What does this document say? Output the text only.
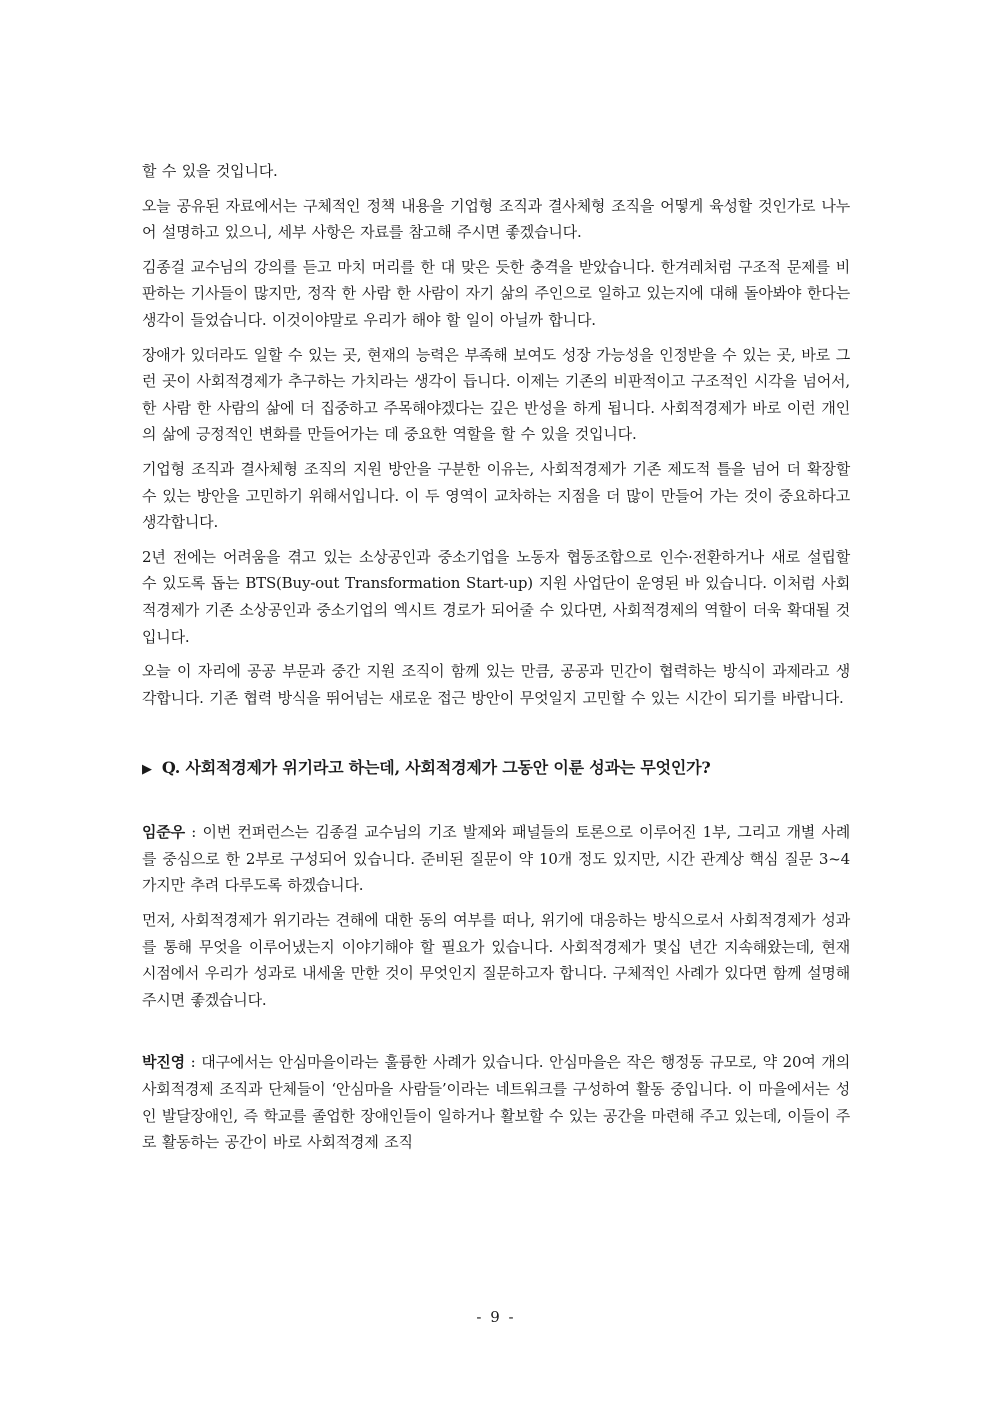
할 수 있을 것입니다.

오늘 공유된 자료에서는 구체적인 정책 내용을 기업형 조직과 결사체형 조직을 어떻게 육성할 것인가로 나누어 설명하고 있으니, 세부 사항은 자료를 참고해 주시면 좋겠습니다.

김종걸 교수님의 강의를 듣고 마치 머리를 한 대 맞은 듯한 충격을 받았습니다. 한겨레처럼 구조적 문제를 비판하는 기사들이 많지만, 정작 한 사람 한 사람이 자기 삶의 주인으로 일하고 있는지에 대해 돌아봐야 한다는 생각이 들었습니다. 이것이야말로 우리가 해야 할 일이 아닐까 합니다.

장애가 있더라도 일할 수 있는 곳, 현재의 능력은 부족해 보여도 성장 가능성을 인정받을 수 있는 곳, 바로 그런 곳이 사회적경제가 추구하는 가치라는 생각이 듭니다. 이제는 기존의 비판적이고 구조적인 시각을 넘어서, 한 사람 한 사람의 삶에 더 집중하고 주목해야겠다는 깊은 반성을 하게 됩니다. 사회적경제가 바로 이런 개인의 삶에 긍정적인 변화를 만들어가는 데 중요한 역할을 할 수 있을 것입니다.

기업형 조직과 결사체형 조직의 지원 방안을 구분한 이유는, 사회적경제가 기존 제도적 틀을 넘어 더 확장할 수 있는 방안을 고민하기 위해서입니다. 이 두 영역이 교차하는 지점을 더 많이 만들어 가는 것이 중요하다고 생각합니다.

2년 전에는 어려움을 겪고 있는 소상공인과 중소기업을 노동자 협동조합으로 인수·전환하거나 새로 설립할 수 있도록 돕는 BTS(Buy-out Transformation Start-up) 지원 사업단이 운영된 바 있습니다. 이처럼 사회적경제가 기존 소상공인과 중소기업의 엑시트 경로가 되어줄 수 있다면, 사회적경제의 역할이 더욱 확대될 것입니다.

오늘 이 자리에 공공 부문과 중간 지원 조직이 함께 있는 만큼, 공공과 민간이 협력하는 방식이 과제라고 생각합니다. 기존 협력 방식을 뛰어넘는 새로운 접근 방안이 무엇일지 고민할 수 있는 시간이 되기를 바랍니다.

▶ Q. 사회적경제가 위기라고 하는데, 사회적경제가 그동안 이룬 성과는 무엇인가?

임준우 : 이번 컨퍼런스는 김종걸 교수님의 기조 발제와 패널들의 토론으로 이루어진 1부, 그리고 개별 사례를 중심으로 한 2부로 구성되어 있습니다. 준비된 질문이 약 10개 정도 있지만, 시간 관계상 핵심 질문 3~4가지만 추려 다루도록 하겠습니다.

먼저, 사회적경제가 위기라는 견해에 대한 동의 여부를 떠나, 위기에 대응하는 방식으로서 사회적경제가 성과를 통해 무엇을 이루어냈는지 이야기해야 할 필요가 있습니다. 사회적경제가 몇십 년간 지속해왔는데, 현재 시점에서 우리가 성과로 내세울 만한 것이 무엇인지 질문하고자 합니다. 구체적인 사례가 있다면 함께 설명해 주시면 좋겠습니다.

박진영 : 대구에서는 안심마을이라는 훌륭한 사례가 있습니다. 안심마을은 작은 행정동 규모로, 약 20여 개의 사회적경제 조직과 단체들이 ‘안심마을 사람들’이라는 네트워크를 구성하여 활동 중입니다. 이 마을에서는 성인 발달장애인, 즉 학교를 졸업한 장애인들이 일하거나 활보할 수 있는 공간을 마련해 주고 있는데, 이들이 주로 활동하는 공간이 바로 사회적경제 조직

- 9 -
